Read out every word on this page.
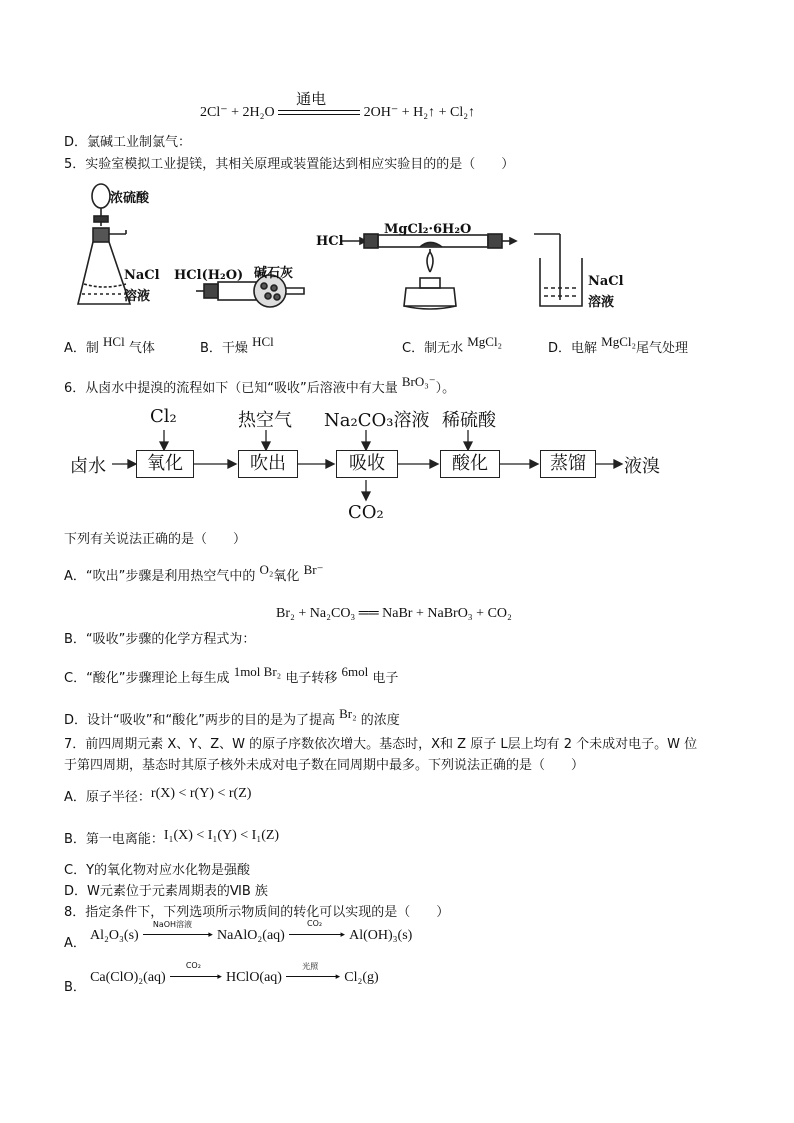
2Cl⁻ + 2H₂O
通电
2OH⁻ + H₂↑ + Cl₂↑
D．氯碱工业制氯气：
5．实验室模拟工业提镁，其相关原理或装置能达到相应实验目的的是（　　）
浓硫酸
NaCl
溶液
HCl(H₂O) 碱石灰
HCl
MgCl₂·6H₂O
NaCl
溶液
A．制 HCl 气体	B．干燥 HCl	C．制无水 MgCl₂	D．电解 MgCl₂尾气处理
6．从卤水中提溴的流程如下（已知“吸收”后溶液中有大量 BrO₃⁻）。
卤水	氧化	吹出	吸收	酸化	蒸馏	液溴
Cl₂	热空气 Na₂CO₃溶液 稀硫酸
CO₂
下列有关说法正确的是（　　）
A．“吹出”步骤是利用热空气中的 O₂氧化 Br⁻
Br₂ + Na₂CO₃ ══ NaBr + NaBrO₃ + CO₂
B．“吸收”步骤的化学方程式为：
C．“酸化”步骤理论上每生成 1mol Br₂ 电子转移 6mol 电子
D．设计“吸收”和“酸化”两步的目的是为了提高 Br₂ 的浓度
7．前四周期元素 X、Y、Z、W 的原子序数依次增大。基态时，X和 Z 原子 L层上均有 2 个未成对电子。W 位
于第四周期，基态时其原子核外未成对电子数在同周期中最多。下列说法正确的是（　　）
A．原子半径：r(X) < r(Y) < r(Z)
B．第一电离能：I₁(X) < I₁(Y) < I₁(Z)
C．Y的氧化物对应水化物是强酸
D．W元素位于元素周期表的ⅥB 族
8．指定条件下，下列选项所示物质间的转化可以实现的是（　　）
A． Al₂O₃(s)
NaOH溶液
▸ NaAlO₂(aq)
CO₂
▸ Al(OH)₃(s)
B． Ca(ClO)₂(aq)
CO₂
▸ HClO(aq)
光照
▸ Cl₂(g)
